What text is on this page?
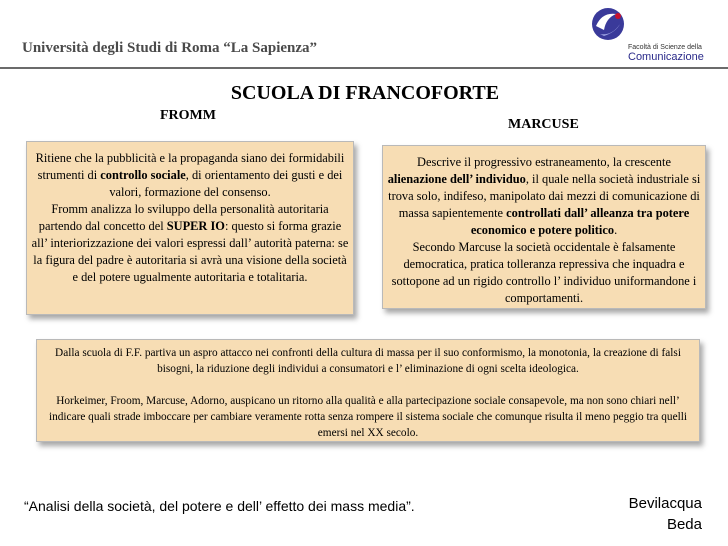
Università degli Studi di Roma “La Sapienza”	Facoltà di Scienze della
Comunicazione
SCUOLA DI FRANCOFORTE
FROMM
MARCUSE

Ritiene che la pubblicità e la propaganda siano dei formidabili strumenti di controllo sociale, di orientamento dei gusti e dei valori, formazione del consenso.

Fromm analizza lo sviluppo della personalità autoritaria partendo dal concetto del SUPER IO: questo si forma grazie all’ interiorizzazione dei valori espressi dall’ autorità paterna: se la figura del padre è autoritaria si avrà una visione della società e del potere ugualmente autoritaria e totalitaria.

Descrive il progressivo estraneamento, la crescente alienazione dell’ individuo, il quale nella società industriale si trova solo, indifeso, manipolato dai mezzi di comunicazione di massa sapientemente controllati dall’ alleanza tra potere economico e potere politico.

Secondo Marcuse la società occidentale è falsamente democratica, pratica tolleranza repressiva che inquadra e sottopone ad un rigido controllo l’ individuo uniformandone i comportamenti.

Dalla scuola di F.F. partiva un aspro attacco nei confronti della cultura di massa per il suo conformismo, la monotonia, la creazione di falsi bisogni, la riduzione degli individui a consumatori e l’ eliminazione di ogni scelta ideologica.

Horkeimer, Froom, Marcuse, Adorno, auspicano un ritorno alla qualità e alla partecipazione sociale consapevole, ma non sono chiari nell’ indicare quali strade imboccare per cambiare veramente rotta senza rompere il sistema sociale che comunque risulta il meno peggio tra quelli emersi nel XX secolo.

“Analisi della società, del potere e dell’ effetto dei mass media”.	Bevilacqua
Beda
